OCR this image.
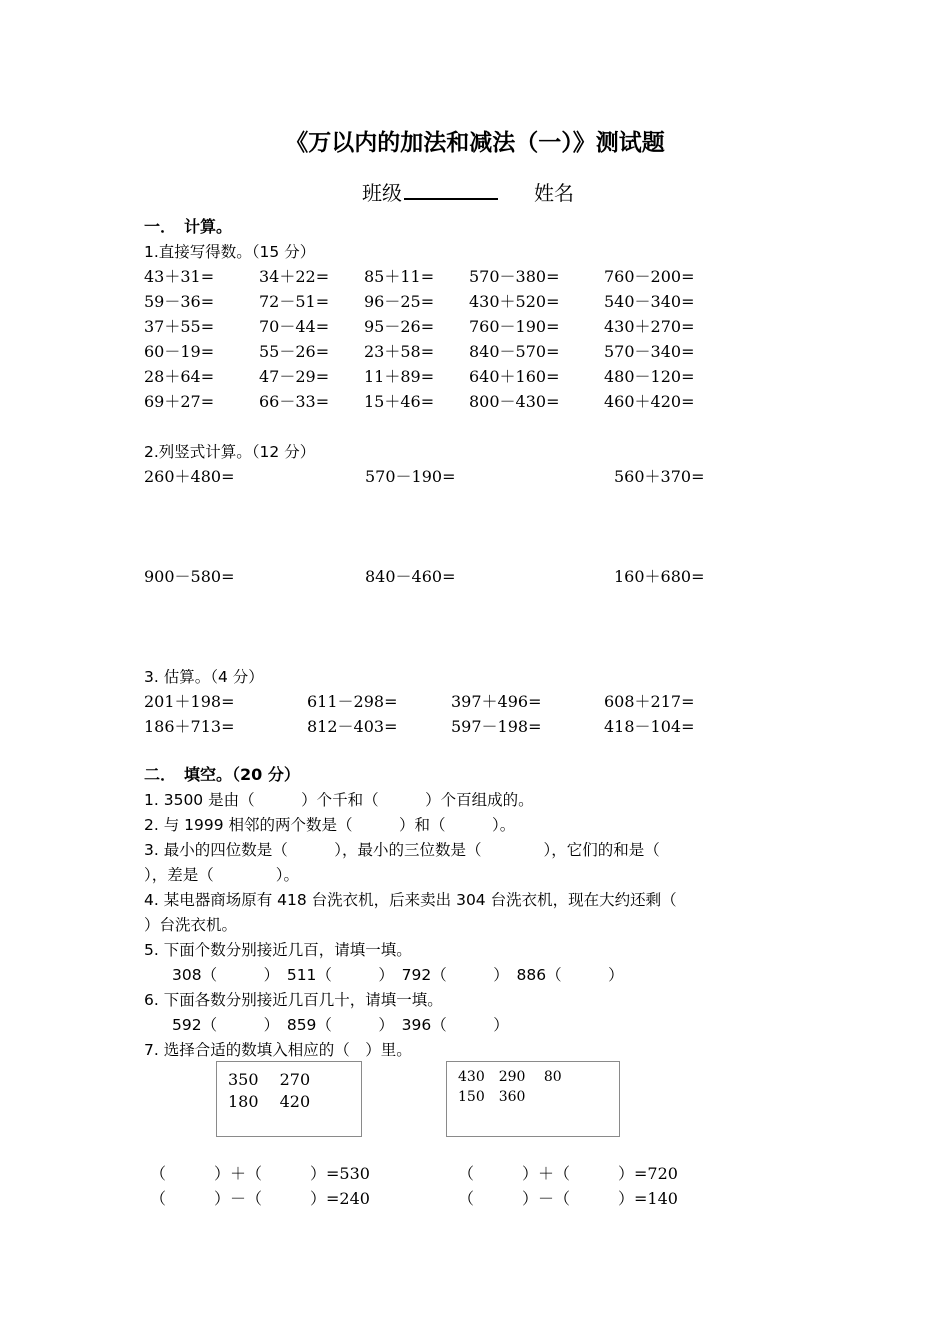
《万以内的加法和减法（一）》测试题
班级	姓名
一．　计算。
1.直接写得数。（15 分）
43＋31=	34＋22= 85＋11= 570－380=	760－200=
59－36=	72－51= 96－25= 430＋520=	540－340=
37＋55=	70－44= 95－26= 760－190=	430＋270=
60－19=	55－26= 23＋58= 840－570=	570－340=
28＋64=	47－29= 11＋89= 640＋160=	480－120=
69＋27=	66－33= 15＋46= 800－430=	460＋420=
2.列竖式计算。（12 分）
260＋480=	570－190=	560＋370=
900－580=	840－460=	160＋680=
3. 估算。（4 分）
201＋198=	611－298=	397＋496=	608＋217=
186＋713=	812－403=	597－198=	418－104=
二．　填空。（20 分）
1. 3500 是由（　　　）个千和（　　　）个百组成的。
2. 与 1999 相邻的两个数是（　　　）和（　　　）。
3. 最小的四位数是（　　　），最小的三位数是（　　　　），它们的和是（
），差是（　　　　）。
4. 某电器商场原有 418 台洗衣机，后来卖出 304 台洗衣机，现在大约还剩（
）台洗衣机。
5. 下面个数分别接近几百，请填一填。
308（　　　）　511（　　　）　792（　　　）　886（　　　）
6. 下面各数分别接近几百几十，请填一填。
592（　　　）　859（　　　）　396（　　　）
7. 选择合适的数填入相应的（　）里。
350　 270
180　 420
430　290　 80
150　360
（　　　）＋（　　　）=530
（　　　）－（　　　）=240
（　　　）＋（　　　）=720
（　　　）－（　　　）=140
